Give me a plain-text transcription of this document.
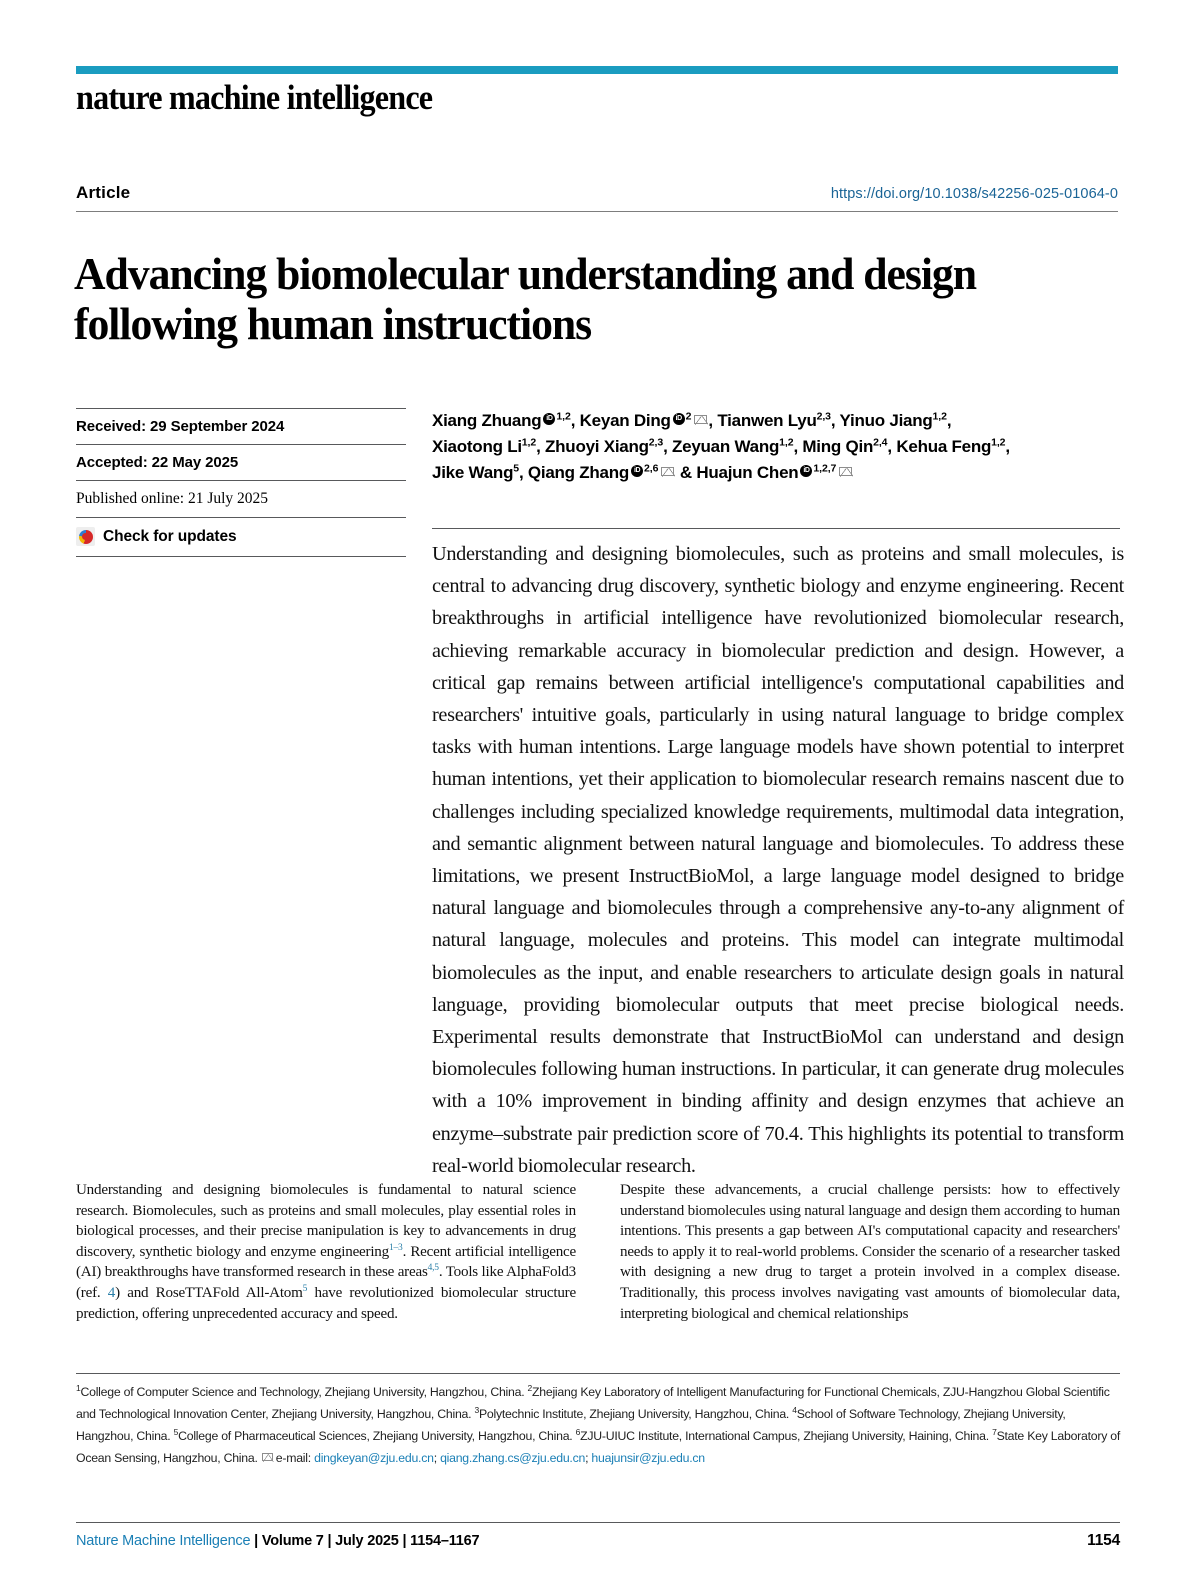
nature machine intelligence
Article	https://doi.org/10.1038/s42256-025-01064-0
Advancing biomolecular understanding and design following human instructions
Received: 29 September 2024
Accepted: 22 May 2025
Published online: 21 July 2025
Check for updates
Xiang Zhuang iD $^{1,2}$, Keyan Ding iD $^2$ , Tianwen Lyu$^{2,3}$, Yinuo Jiang$^{1,2}$,
Xiaotong Li$^{1,2}$, Zhuoyi Xiang$^{2,3}$, Zeyuan Wang$^{1,2}$, Ming Qin$^{2,4}$, Kehua Feng$^{1,2}$,
Jike Wang$^5$, Qiang Zhang iD $^{2,6}$ & Huajun Chen iD $^{1,2,7}$
Understanding and designing biomolecules, such as proteins and small molecules, is central to advancing drug discovery, synthetic biology and enzyme engineering. Recent breakthroughs in artificial intelligence have revolutionized biomolecular research, achieving remarkable accuracy in biomolecular prediction and design. However, a critical gap remains between artificial intelligence's computational capabilities and researchers' intuitive goals, particularly in using natural language to bridge complex tasks with human intentions. Large language models have shown potential to interpret human intentions, yet their application to biomolecular research remains nascent due to challenges including specialized knowledge requirements, multimodal data integration, and semantic alignment between natural language and biomolecules. To address these limitations, we present InstructBioMol, a large language model designed to bridge natural language and biomolecules through a comprehensive any-to-any alignment of natural language, molecules and proteins. This model can integrate multimodal biomolecules as the input, and enable researchers to articulate design goals in natural language, providing biomolecular outputs that meet precise biological needs. Experimental results demonstrate that InstructBioMol can understand and design biomolecules following human instructions. In particular, it can generate drug molecules with a 10% improvement in binding affinity and design enzymes that achieve an enzyme–substrate pair prediction score of 70.4. This highlights its potential to transform real-world biomolecular research.
Understanding and designing biomolecules is fundamental to natural science research. Biomolecules, such as proteins and small molecules, play essential roles in biological processes, and their precise manipulation is key to advancements in drug discovery, synthetic biology and enzyme engineering$^{1-3}$. Recent artificial intelligence (AI) breakthroughs have transformed research in these areas$^{4,5}$. Tools like AlphaFold3 (ref. 4) and RoseTTAFold All-Atom$^5$ have revolutionized biomolecular structure prediction, offering unprecedented accuracy and speed.
Despite these advancements, a crucial challenge persists: how to effectively understand biomolecules using natural language and design them according to human intentions. This presents a gap between AI's computational capacity and researchers' needs to apply it to real-world problems. Consider the scenario of a researcher tasked with designing a new drug to target a protein involved in a complex disease. Traditionally, this process involves navigating vast amounts of biomolecular data, interpreting biological and chemical relationships
$^1$College of Computer Science and Technology, Zhejiang University, Hangzhou, China. $^2$Zhejiang Key Laboratory of Intelligent Manufacturing for Functional Chemicals, ZJU-Hangzhou Global Scientific and Technological Innovation Center, Zhejiang University, Hangzhou, China. $^3$Polytechnic Institute, Zhejiang University, Hangzhou, China. $^4$School of Software Technology, Zhejiang University, Hangzhou, China. $^5$College of Pharmaceutical Sciences, Zhejiang University, Hangzhou, China. $^6$ZJU-UIUC Institute, International Campus, Zhejiang University, Haining, China. $^7$State Key Laboratory of Ocean Sensing, Hangzhou, China. e-mail: dingkeyan@zju.edu.cn; qiang.zhang.cs@zju.edu.cn; huajunsir@zju.edu.cn
Nature Machine Intelligence | Volume 7 | July 2025 | 1154–1167	1154
